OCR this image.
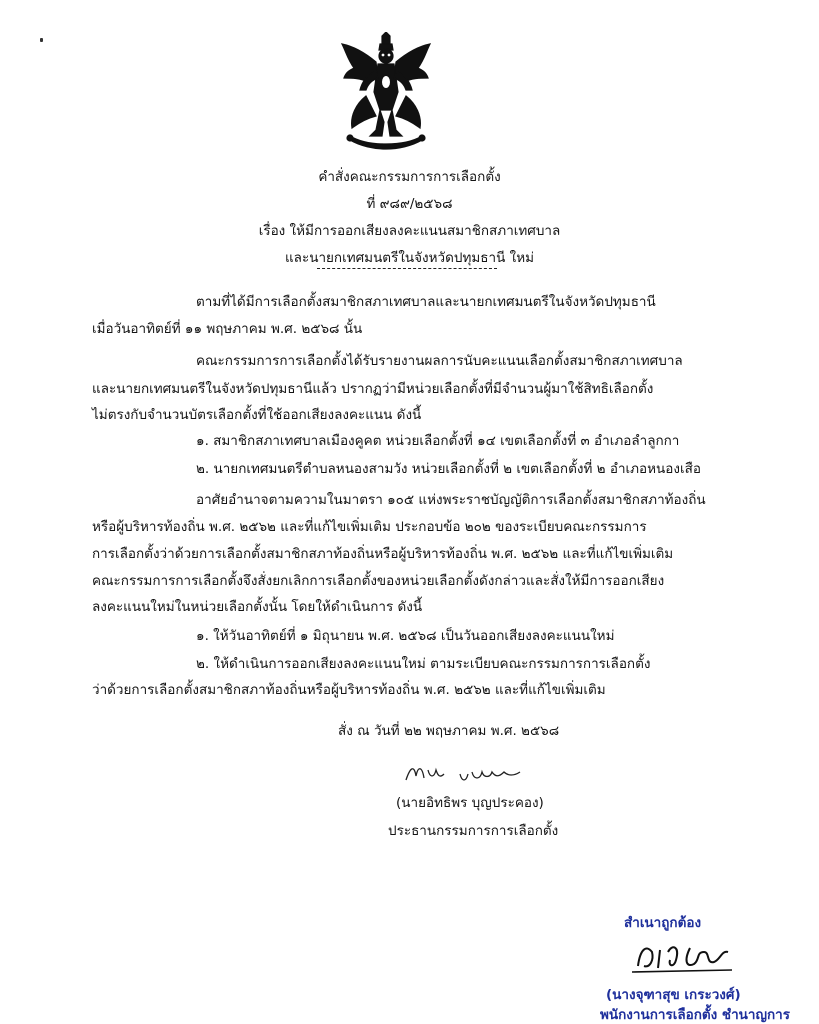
คำสั่งคณะกรรมการการเลือกตั้ง
ที่ ๙๘๙/๒๕๖๘
เรื่อง ให้มีการออกเสียงลงคะแนนสมาชิกสภาเทศบาล
และนายกเทศมนตรีในจังหวัดปทุมธานี ใหม่
ตามที่ได้มีการเลือกตั้งสมาชิกสภาเทศบาลและนายกเทศมนตรีในจังหวัดปทุมธานี
เมื่อวันอาทิตย์ที่ ๑๑ พฤษภาคม พ.ศ. ๒๕๖๘ นั้น
คณะกรรมการการเลือกตั้งได้รับรายงานผลการนับคะแนนเลือกตั้งสมาชิกสภาเทศบาล
และนายกเทศมนตรีในจังหวัดปทุมธานีแล้ว ปรากฏว่ามีหน่วยเลือกตั้งที่มีจำนวนผู้มาใช้สิทธิเลือกตั้ง
ไม่ตรงกับจำนวนบัตรเลือกตั้งที่ใช้ออกเสียงลงคะแนน ดังนี้
๑. สมาชิกสภาเทศบาลเมืองคูคต หน่วยเลือกตั้งที่ ๑๔ เขตเลือกตั้งที่ ๓ อำเภอลำลูกกา
๒. นายกเทศมนตรีตำบลหนองสามวัง หน่วยเลือกตั้งที่ ๒ เขตเลือกตั้งที่ ๒ อำเภอหนองเสือ
อาศัยอำนาจตามความในมาตรา ๑๐๕ แห่งพระราชบัญญัติการเลือกตั้งสมาชิกสภาท้องถิ่น
หรือผู้บริหารท้องถิ่น พ.ศ. ๒๕๖๒ และที่แก้ไขเพิ่มเติม ประกอบข้อ ๒๐๒ ของระเบียบคณะกรรมการ
การเลือกตั้งว่าด้วยการเลือกตั้งสมาชิกสภาท้องถิ่นหรือผู้บริหารท้องถิ่น พ.ศ. ๒๕๖๒ และที่แก้ไขเพิ่มเติม
คณะกรรมการการเลือกตั้งจึงสั่งยกเลิกการเลือกตั้งของหน่วยเลือกตั้งดังกล่าวและสั่งให้มีการออกเสียง
ลงคะแนนใหม่ในหน่วยเลือกตั้งนั้น โดยให้ดำเนินการ ดังนี้
๑. ให้วันอาทิตย์ที่ ๑ มิถุนายน พ.ศ. ๒๕๖๘ เป็นวันออกเสียงลงคะแนนใหม่
๒. ให้ดำเนินการออกเสียงลงคะแนนใหม่ ตามระเบียบคณะกรรมการการเลือกตั้ง
ว่าด้วยการเลือกตั้งสมาชิกสภาท้องถิ่นหรือผู้บริหารท้องถิ่น พ.ศ. ๒๕๖๒ และที่แก้ไขเพิ่มเติม
สั่ง ณ วันที่ ๒๒ พฤษภาคม พ.ศ. ๒๕๖๘
(นายอิทธิพร บุญประคอง)
ประธานกรรมการการเลือกตั้ง
สำเนาถูกต้อง
(นางจุฑาสุข เกระวงศ์)
พนักงานการเลือกตั้ง ชำนาญการ
